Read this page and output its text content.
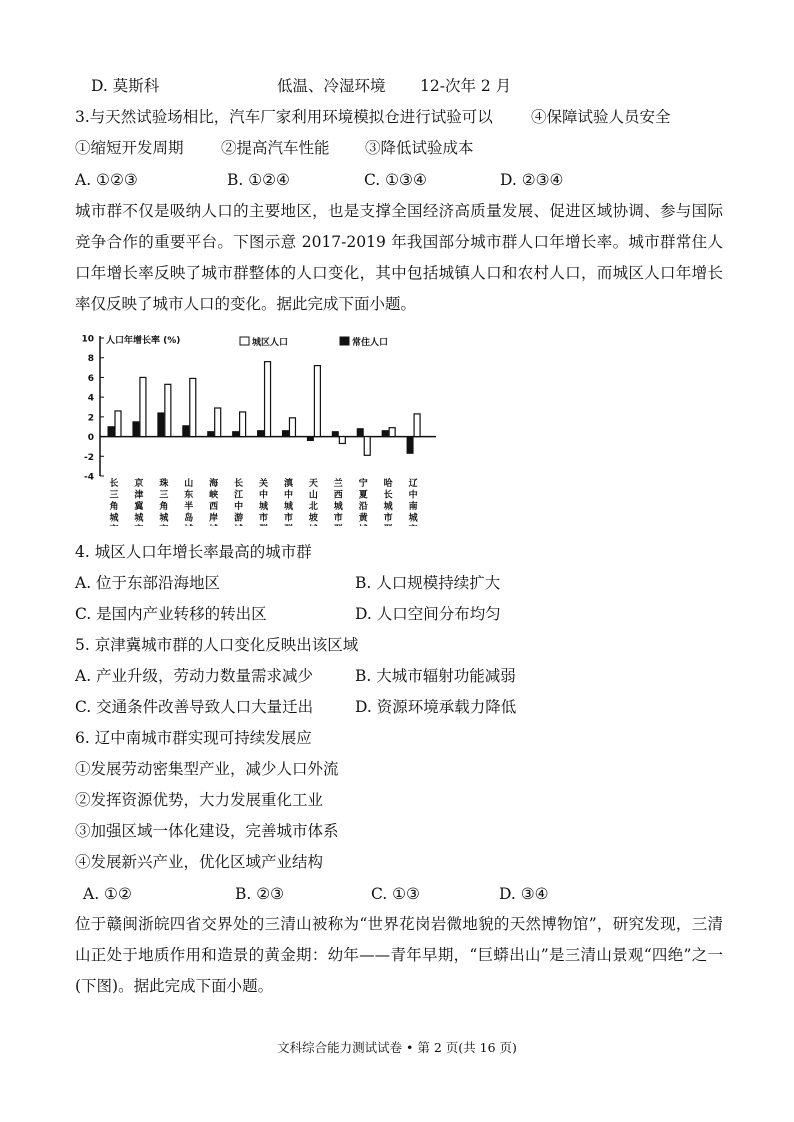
D. 莫斯科	低温、冷湿环境 12-次年 2 月
3.与天然试验场相比，汽车厂家利用环境模拟仓进行试验可以 ④保障试验人员安全
①缩短开发周期 ②提高汽车性能 ③降低试验成本
A. ①②③	B. ①②④	C. ①③④	D. ②③④
城市群不仅是吸纳人口的主要地区，也是支撑全国经济高质量发展、促进区域协调、参与国际竞争合作的重要平台。下图示意 2017-2019 年我国部分城市群人口年增长率。城市群常住人口年增长率反映了城市群整体的人口变化，其中包括城镇人口和农村人口，而城区人口年增长率仅反映了城市人口的变化。据此完成下面小题。
10
8
6
4
2
0
-2
-4
人口年增长率 (%)
长三角城
京津冀城
珠三角城
山东半岛
海峡西岸
长江中游
关中城市
滇中城市
天山北坡
兰西城市
宁夏沿黄
哈长城市
辽中南城
城区人口	常住人口
4. 城区人口年增长率最高的城市群
A. 位于东部沿海地区	B. 人口规模持续扩大
C. 是国内产业转移的转出区	D. 人口空间分布均匀
5. 京津冀城市群的人口变化反映出该区域
A. 产业升级，劳动力数量需求减少	B. 大城市辐射功能减弱
C. 交通条件改善导致人口大量迁出	D. 资源环境承载力降低
6. 辽中南城市群实现可持续发展应
①发展劳动密集型产业，减少人口外流
②发挥资源优势，大力发展重化工业
③加强区域一体化建设，完善城市体系
④发展新兴产业，优化区域产业结构
A. ①②	B. ②③	C. ①③	D. ③④
位于赣闽浙皖四省交界处的三清山被称为“世界花岗岩微地貌的天然博物馆”，研究发现，三清山正处于地质作用和造景的黄金期：幼年——青年早期，“巨蟒出山”是三清山景观“四绝”之一(下图)。据此完成下面小题。
文科综合能力测试试卷 • 第 2 页(共 16 页)
